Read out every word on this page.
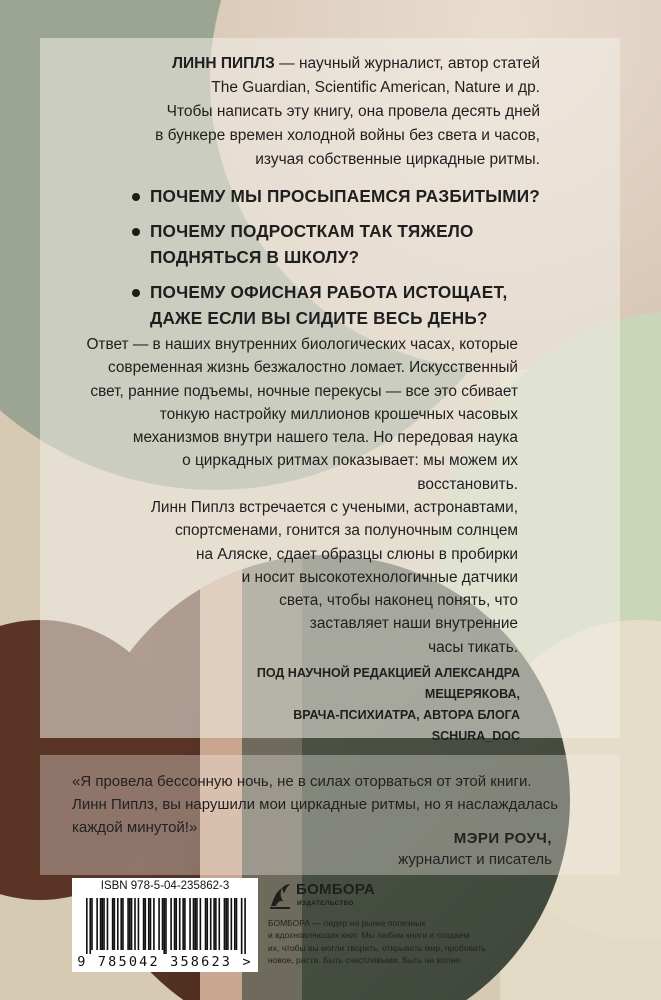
ЛИНН ПИПЛЗ — научный журналист, автор статей
The Guardian, Scientific American, Nature и др.
Чтобы написать эту книгу, она провела десять дней
в бункере времен холодной войны без света и часов,
изучая собственные циркадные ритмы.
ПОЧЕМУ МЫ ПРОСЫПАЕМСЯ РАЗБИТЫМИ?
ПОЧЕМУ ПОДРОСТКАМ ТАК ТЯЖЕЛО
ПОДНЯТЬСЯ В ШКОЛУ?
ПОЧЕМУ ОФИСНАЯ РАБОТА ИСТОЩАЕТ,
ДАЖЕ ЕСЛИ ВЫ СИДИТЕ ВЕСЬ ДЕНЬ?
Ответ — в наших внутренних биологических часах, которые
современная жизнь безжалостно ломает. Искусственный
свет, ранние подъемы, ночные перекусы — все это сбивает
тонкую настройку миллионов крошечных часовых
механизмов внутри нашего тела. Но передовая наука
о циркадных ритмах показывает: мы можем их
восстановить.
Линн Пиплз встречается с учеными, астронавтами,
спортсменами, гонится за полуночным солнцем
на Аляске, сдает образцы слюны в пробирки
и носит высокотехнологичные датчики
света, чтобы наконец понять, что
заставляет наши внутренние
часы тикать.
ПОД НАУЧНОЙ РЕДАКЦИЕЙ АЛЕКСАНДРА МЕЩЕРЯКОВА,
ВРАЧА-ПСИХИАТРА, АВТОРА БЛОГА
SCHURA_DOC
«Я провела бессонную ночь, не в силах оторваться от этой книги.
Линн Пиплз, вы нарушили мои циркадные ритмы, но я наслаждалась
каждой минутой!»
МЭРИ РОУЧ,
журналист и писатель
ISBN 978-5-04-235862-3
9 785042 358623 >
БОМБОРА
ИЗДАТЕЛЬСТВО
БОМБОРА — лидер на рынке полезных
и вдохновляющих книг. Мы любим книги и создаем
их, чтобы вы могли творить, открывать мир, пробовать
новое, расти. Быть счастливыми. Быть на волне.
